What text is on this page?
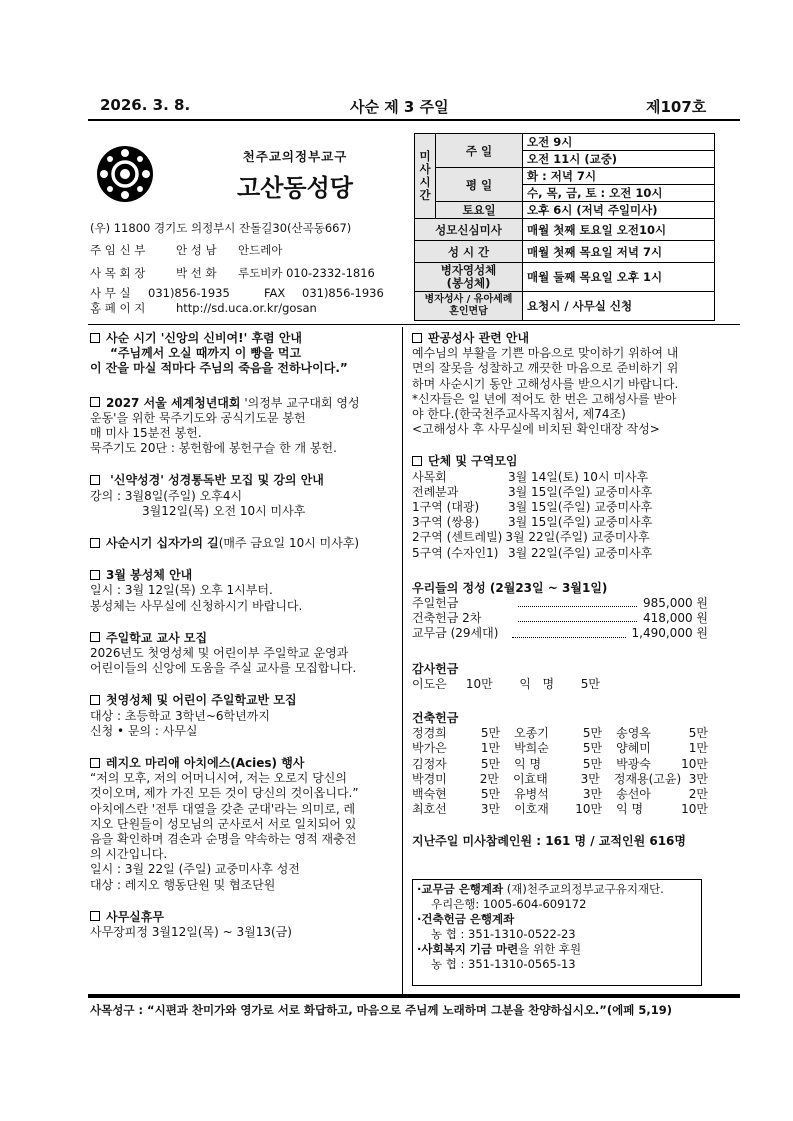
2026. 3. 8.	사순 제 3 주일	제107호
천주교의정부교구
고산동성당
(우) 11800 경기도 의정부시 잔돌길30(산곡동667)
주 임 신 부	안 성 남 안드레아
사 목 회 장	박 선 화 루도비카 010-2332-1816
사 무 실 031)856-1935	FAX 031)856-1936
홈 페 이 지	http://sd.uca.or.kr/gosan
미
사
시
간	주 일	오전 9시
		오전 11시 (교중)
	평 일	화 : 저녁 7시
		수, 목, 금, 토 : 오전 10시
	토요일	오후 6시 (저녁 주일미사)
성모신심미사		매월 첫째 토요일 오전10시
성 시 간		매월 첫째 목요일 저녁 7시
병자영성체
(봉성체)		매월 둘째 목요일 오후 1시
병자성사 / 유아세례
혼인면담		요청시 / 사무실 신청

사순 시기 '신앙의 신비여!' 후렴 안내

“주님께서 오실 때까지 이 빵을 먹고

이 잔을 마실 적마다 주님의 죽음을 전하나이다.”

2027 서울 세계청년대회 '의정부 교구대회 영성

운동'을 위한 묵주기도와 공식기도문 봉헌

매 미사 15분전 봉헌.

묵주기도 20단 : 봉헌함에 봉헌구슬 한 개 봉헌.

'신약성경' 성경통독반 모집 및 강의 안내

강의 : 3월8일(주일) 오후4시

3월12일(목) 오전 10시 미사후

사순시기 십자가의 길(매주 금요일 10시 미사후)

3월 봉성체 안내

일시 : 3월 12일(목) 오후 1시부터.

봉성체는 사무실에 신청하시기 바랍니다.

주일학교 교사 모집

2026년도 첫영성체 및 어린이부 주일학교 운영과

어린이들의 신앙에 도움을 주실 교사를 모집합니다.

첫영성체 및 어린이 주일학교반 모집

대상 : 초등학교 3학년~6학년까지

신청 • 문의 : 사무실

레지오 마리애 아치에스(Acies) 행사

“저의 모후, 저의 어머니시여, 저는 오로지 당신의

것이오며, 제가 가진 모든 것이 당신의 것이옵니다.”

아치에스란 '전투 대열을 갖춘 군대'라는 의미로, 레

지오 단원들이 성모님의 군사로서 서로 일치되어 있

음을 확인하며 겸손과 순명을 약속하는 영적 재충전

의 시간입니다.

일시 : 3월 22일 (주일) 교중미사후 성전

대상 : 레지오 행동단원 및 협조단원

사무실휴무

사무장피정 3월12일(목) ~ 3월13(금)

판공성사 관련 안내

예수님의 부활을 기쁜 마음으로 맞이하기 위하여 내

면의 잘못을 성찰하고 깨끗한 마음으로 준비하기 위

하며 사순시기 동안 고해성사를 받으시기 바랍니다.

*신자들은 일 년에 적어도 한 번은 고해성사를 받아

야 한다.(한국천주교사목지침서, 제74조)

<고해성사 후 사무실에 비치된 확인대장 작성>

단체 및 구역모임

사목회	3월 14일(토) 10시 미사후
전례분과	3월 15일(주일) 교중미사후
1구역 (대광)	3월 15일(주일) 교중미사후
3구역 (쌍용)	3월 15일(주일) 교중미사후
2구역 (센트레빌) 3월 22일(주일) 교중미사후
5구역 (수자인1) 3월 22일(주일) 교중미사후

우리들의 정성 (2월23일 ~ 3월1일)

주일헌금	985,000 원
건축헌금 2차	418,000 원
교무금 (29세대)	1,490,000 원

감사헌금

이도은     10만       익   명       5만

건축헌금

정경희	5만	오종기	5만	송영옥	5만
박가은	1만	박희순	5만	양혜미	1만
김정자	5만	익 명	5만	박광숙	10만
박경미	2만	이효태	3만	정재용(고윤) 3만
백숙현	5만	유병석	3만	송선아	2만
최호선	3만	이호재	10만	익 명	10만

지난주일 미사참례인원 : 161 명 / 교적인원 616명

·교무금 은행계좌 (재)천주교의정부교구유지재단.
우리은행: 1005-604-609172
·건축헌금 은행계좌
농 협 : 351-1310-0522-23
·사회복지 기금 마련을 위한 후원
농 협 : 351-1310-0565-13
사목성구 : “시편과 찬미가와 영가로 서로 화답하고, 마음으로 주님께 노래하며 그분을 찬양하십시오.”(에페 5,19)
